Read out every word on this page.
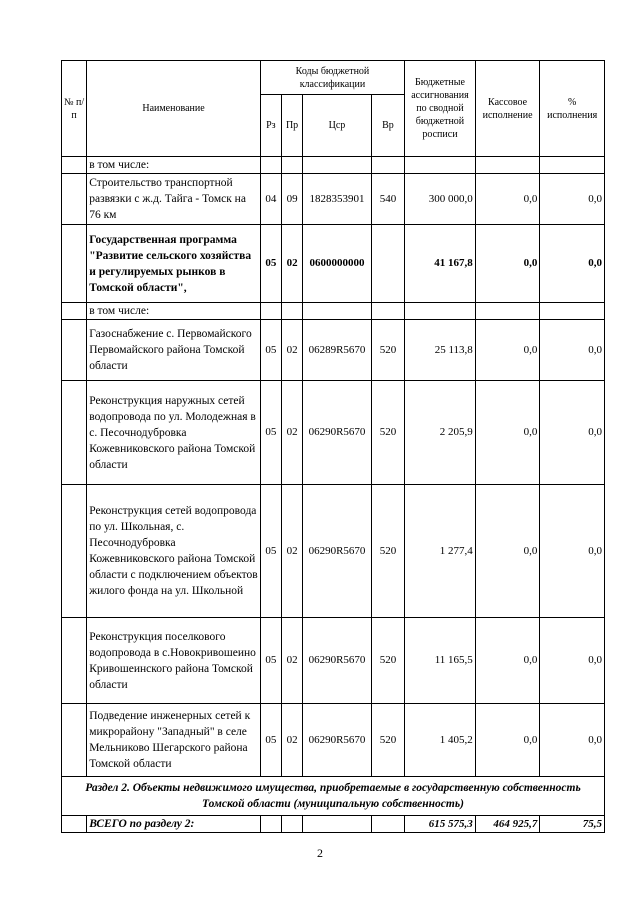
№ п/п	Наименование	Коды бюджетной классификации				Бюджетные ассигнования по сводной бюджетной росписи	Кассовое исполнение	% исполнения
		Рз	Пр	Цср	Вр			
	в том числе:							
	Строительство транспортной развязки с ж.д. Тайга - Томск на 76 км	04	09	1828353901	540	300 000,0	0,0	0,0
	Государственная программа "Развитие сельского хозяйства и регулируемых рынков в Томской области",	05	02	0600000000		41 167,8	0,0	0,0
	в том числе:							
	Газоснабжение с. Первомайского Первомайского района Томской области	05	02	06289R5670	520	25 113,8	0,0	0,0
	Реконструкция наружных сетей водопровода по ул. Молодежная в с. Песочнодубровка Кожевниковского района Томской области	05	02	06290R5670	520	2 205,9	0,0	0,0
	Реконструкция сетей водопровода по ул. Школьная, с. Песочнодубровка Кожевниковского района Томской области с подключением объектов жилого фонда на ул. Школьной	05	02	06290R5670	520	1 277,4	0,0	0,0
	Реконструкция поселкового водопровода в с.Новокривошеино Кривошеинского района Томской области	05	02	06290R5670	520	11 165,5	0,0	0,0
	Подведение инженерных сетей к микрорайону "Западный" в селе Мельниково Шегарского района Томской области	05	02	06290R5670	520	1 405,2	0,0	0,0
Раздел 2. Объекты недвижимого имущества, приобретаемые в государственную собственность Томской области (муниципальную собственность)								
	ВСЕГО по разделу 2:					615 575,3	464 925,7	75,5
2
